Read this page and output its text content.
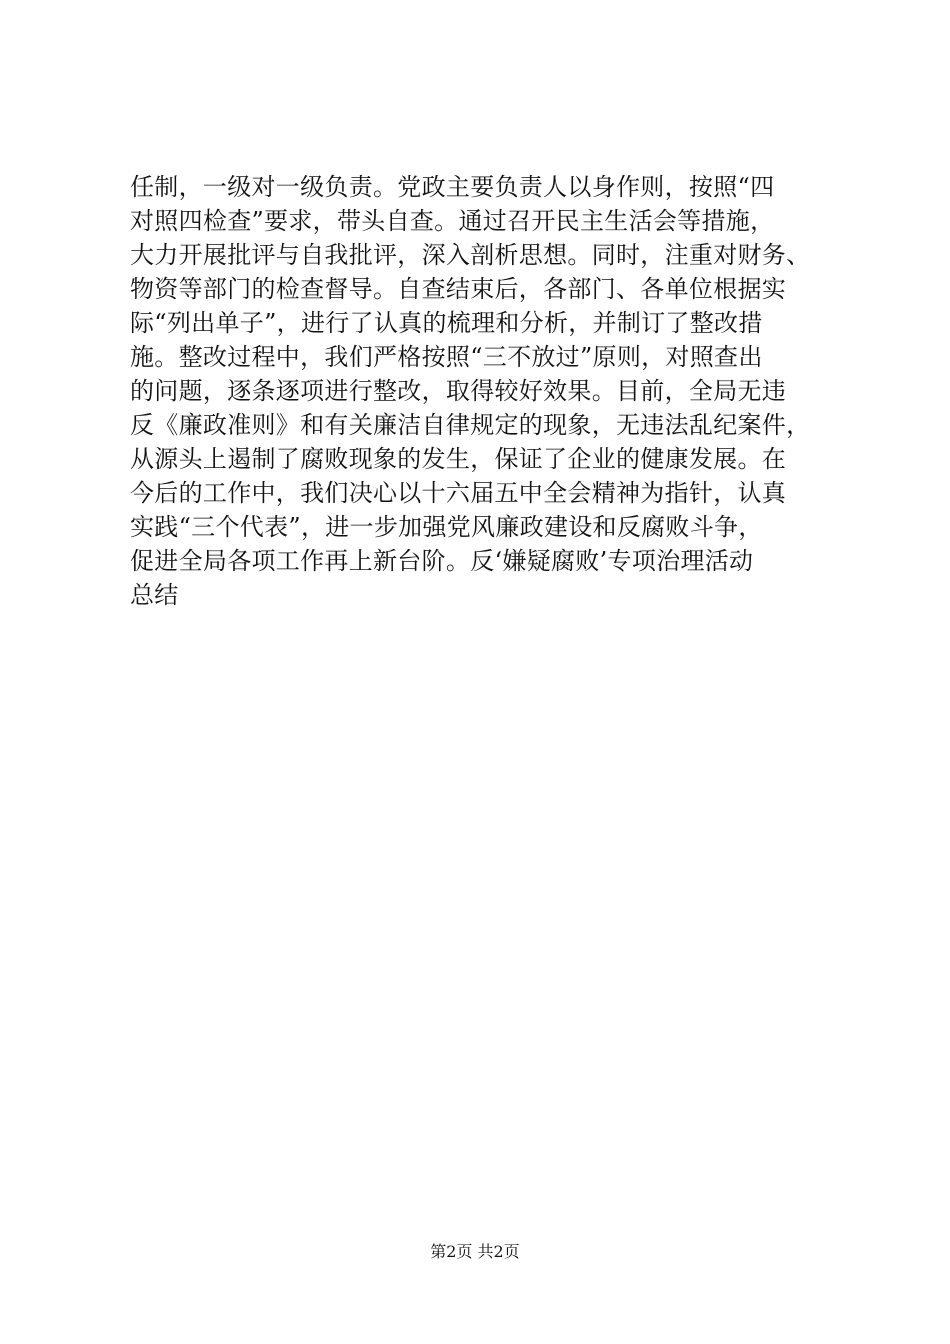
任制，一级对一级负责。党政主要负责人以身作则，按照“四
对照四检查”要求，带头自查。通过召开民主生活会等措施，
大力开展批评与自我批评，深入剖析思想。同时，注重对财务、
物资等部门的检查督导。自查结束后，各部门、各单位根据实
际“列出单子”，进行了认真的梳理和分析，并制订了整改措
施。整改过程中，我们严格按照“三不放过”原则，对照查出
的问题，逐条逐项进行整改，取得较好效果。目前，全局无违
反《廉政准则》和有关廉洁自律规定的现象，无违法乱纪案件，
从源头上遏制了腐败现象的发生，保证了企业的健康发展。在
今后的工作中，我们决心以十六届五中全会精神为指针，认真
实践“三个代表”，进一步加强党风廉政建设和反腐败斗争，
促进全局各项工作再上新台阶。反‘嫌疑腐败’专项治理活动
总结
第2页 共2页
